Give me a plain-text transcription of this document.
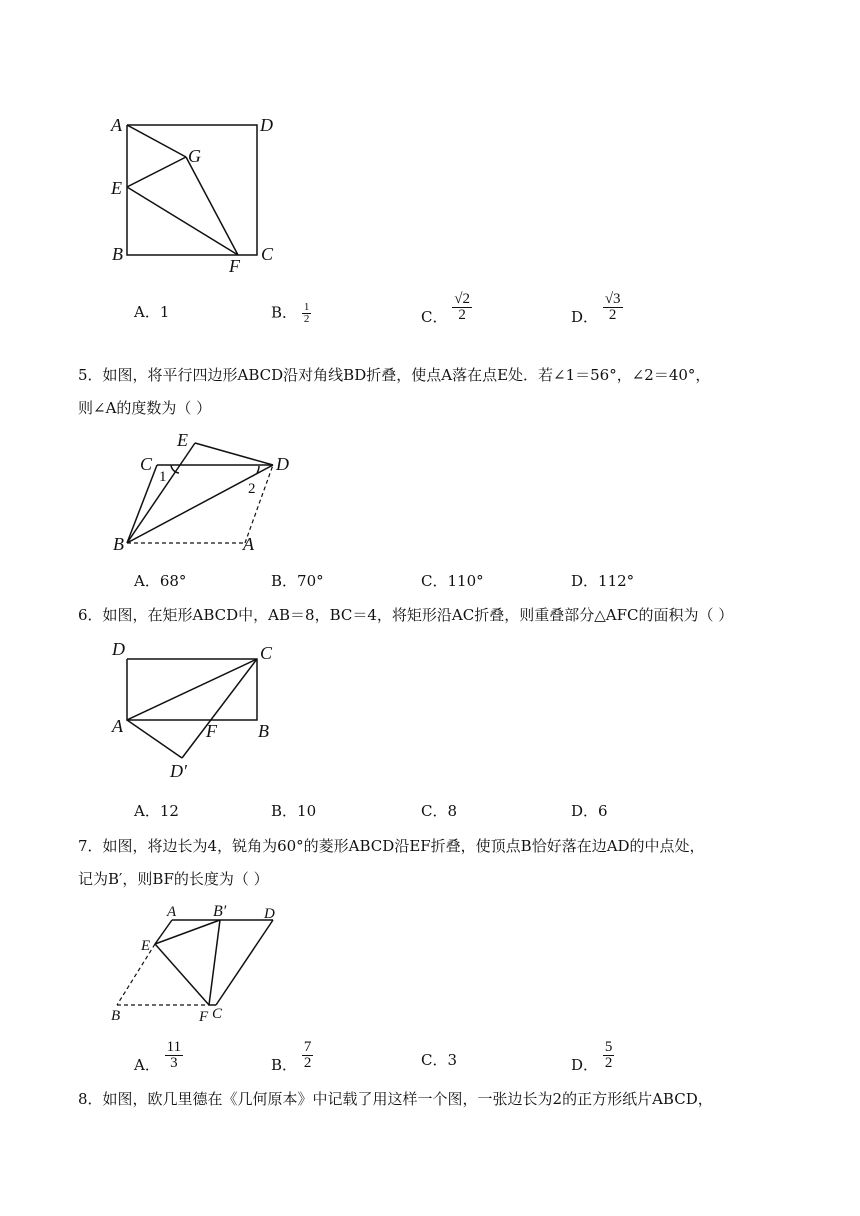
A	D
G
E
B
F
C
A．1	B． $\frac{1}{2}$	C． $\frac{√2}{2}$	D． $\frac{√3}{2}$
5．如图，将平行四边形ABCD沿对角线BD折叠，使点A落在点E处．若∠1＝56°，∠2＝40°，
则∠A的度数为（ ）
C
E
D
1
2
B	A
A．68°	B．70°	C．110°	D．112°
6．如图，在矩形ABCD中，AB＝8，BC＝4，将矩形沿AC折叠，则重叠部分△AFC的面积为（ ）
D	C
A	F B
D′
A．12	B．10	C．8	D．6
7．如图，将边长为4，锐角为60°的菱形ABCD沿EF折叠，使顶点B恰好落在边AD的中点处，
记为B′，则BF的长度为（ ）
A B′	D
E
B	F C
A． $\frac{11}{3}$	B． $\frac{7}{2}$	C．3	D． $\frac{5}{2}$
8．如图，欧几里德在《几何原本》中记载了用这样一个图，一张边长为2的正方形纸片ABCD，
